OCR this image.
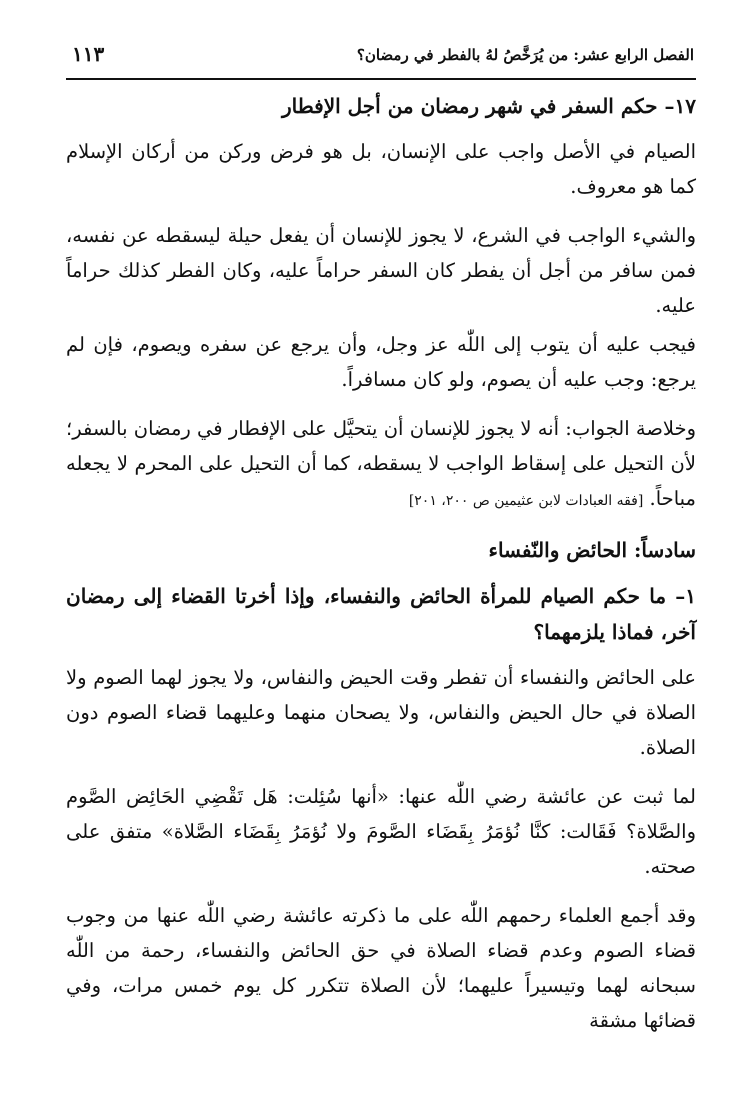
الفصل الرابع عشر: من يُرَخَّصُ لهُ بالفطر في رمضان؟
١١٣
١٧– حكم السفر في شهر رمضان من أجل الإفطار

الصيام في الأصل واجب على الإنسان، بل هو فرض وركن من أركان الإسلام كما هو معروف.

والشيء الواجب في الشرع، لا يجوز للإنسان أن يفعل حيلة ليسقطه عن نفسه، فمن سافر من أجل أن يفطر كان السفر حراماً عليه، وكان الفطر كذلك حراماً عليه.

فيجب عليه أن يتوب إلى اللّٰه عز وجل، وأن يرجع عن سفره ويصوم، فإن لم يرجع: وجب عليه أن يصوم، ولو كان مسافراً.

وخلاصة الجواب: أنه لا يجوز للإنسان أن يتحيَّل على الإفطار في رمضان بالسفر؛ لأن التحيل على إسقاط الواجب لا يسقطه، كما أن التحيل على المحرم لا يجعله مباحاً. [فقه العبادات لابن عثيمين ص ٢٠٠، ٢٠١]

سادساً: الحائض والنّفساء
١– ما حكم الصيام للمرأة الحائض والنفساء، وإذا أخرتا القضاء إلى رمضان آخر، فماذا يلزمهما؟

على الحائض والنفساء أن تفطر وقت الحيض والنفاس، ولا يجوز لهما الصوم ولا الصلاة في حال الحيض والنفاس، ولا يصحان منهما وعليهما قضاء الصوم دون الصلاة.

لما ثبت عن عائشة رضي اللّٰه عنها: «أنها سُئِلت: هَل تَقْضِي الحَائِض الصَّوم والصَّلاة؟ فَقَالت: كنَّا نُؤمَرُ بِقَضَاء الصَّومَ ولا نُؤمَرُ بِقَضَاء الصَّلاة» متفق على صحته.

وقد أجمع العلماء رحمهم اللّٰه على ما ذكرته عائشة رضي اللّٰه عنها من وجوب قضاء الصوم وعدم قضاء الصلاة في حق الحائض والنفساء، رحمة من اللّٰه سبحانه لهما وتيسيراً عليهما؛ لأن الصلاة تتكرر كل يوم خمس مرات، وفي قضائها مشقة
